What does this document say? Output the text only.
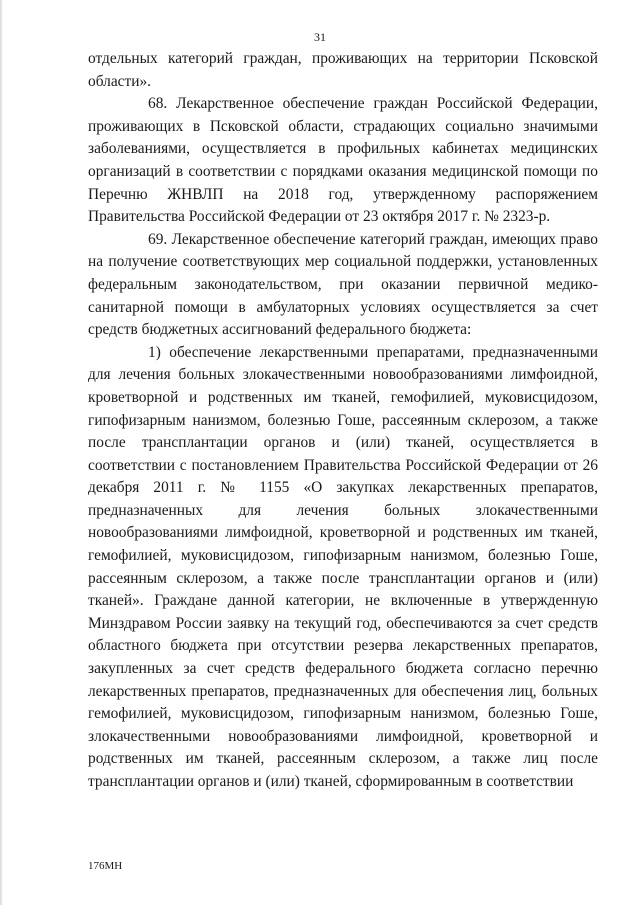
31

отдельных категорий граждан, проживающих на территории Псковской области».

68. Лекарственное обеспечение граждан Российской Федерации, проживающих в Псковской области, страдающих социально значимыми заболеваниями, осуществляется в профильных кабинетах медицинских организаций в соответствии с порядками оказания медицинской помощи по Перечню ЖНВЛП на 2018 год, утвержденному распоряжением Правительства Российской Федерации от 23 октября 2017 г. № 2323-р.

69. Лекарственное обеспечение категорий граждан, имеющих право на получение соответствующих мер социальной поддержки, установленных федеральным законодательством, при оказании первичной медико-санитарной помощи в амбулаторных условиях осуществляется за счет средств бюджетных ассигнований федерального бюджета:

1) обеспечение лекарственными препаратами, предназначенными для лечения больных злокачественными новообразованиями лимфоидной, кроветворной и родственных им тканей, гемофилией, муковисцидозом, гипофизарным нанизмом, болезнью Гоше, рассеянным склерозом, а также после трансплантации органов и (или) тканей, осуществляется в соответствии с постановлением Правительства Российской Федерации от 26 декабря 2011 г. № 1155 «О закупках лекарственных препаратов, предназначенных для лечения больных злокачественными новообразованиями лимфоидной, кроветворной и родственных им тканей, гемофилией, муковисцидозом, гипофизарным нанизмом, болезнью Гоше, рассеянным склерозом, а также после трансплантации органов и (или) тканей». Граждане данной категории, не включенные в утвержденную Минздравом России заявку на текущий год, обеспечиваются за счет средств областного бюджета при отсутствии резерва лекарственных препаратов, закупленных за счет средств федерального бюджета согласно перечню лекарственных препаратов, предназначенных для обеспечения лиц, больных гемофилией, муковисцидозом, гипофизарным нанизмом, болезнью Гоше, злокачественными новообразованиями лимфоидной, кроветворной и родственных им тканей, рассеянным склерозом, а также лиц после трансплантации органов и (или) тканей, сформированным в соответствии

176МН
